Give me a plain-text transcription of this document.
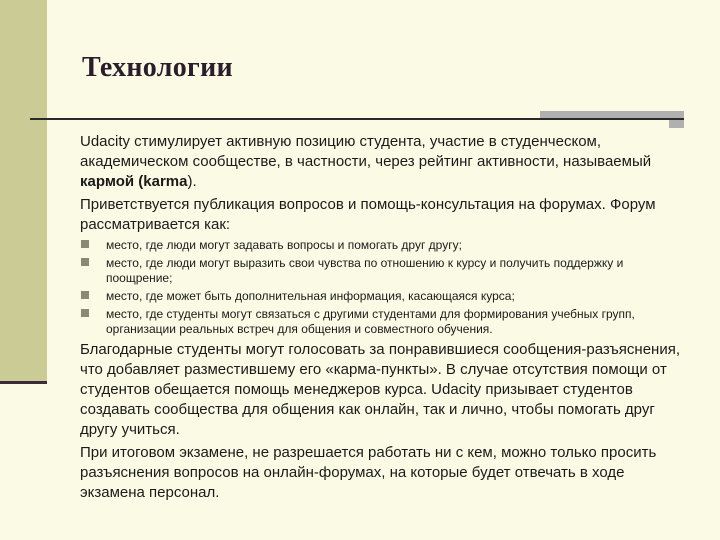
Технологии

Udacity стимулирует активную позицию студента, участие в студенческом, академическом сообществе, в частности, через рейтинг активности, называемый кармой (karma).

Приветствуется публикация вопросов и помощь-консультация на форумах. Форум рассматривается как:

место, где люди могут задавать вопросы и помогать друг другу;
место, где люди могут выразить свои чувства по отношению к курсу и получить поддержку и поощрение;
место, где может быть дополнительная информация, касающаяся курса;
место, где студенты могут связаться с другими студентами для формирования учебных групп, организации реальных встреч для общения и совместного обучения.

Благодарные студенты могут голосовать за понравившиеся сообщения-разъяснения, что добавляет разместившему его «карма-пункты». В случае отсутствия помощи от студентов обещается помощь менеджеров курса. Udacity призывает студентов создавать сообщества для общения как онлайн, так и лично, чтобы помогать друг другу учиться.

При итоговом экзамене, не разрешается работать ни с кем, можно только просить разъяснения вопросов на онлайн-форумах, на которые будет отвечать в ходе экзамена персонал.
